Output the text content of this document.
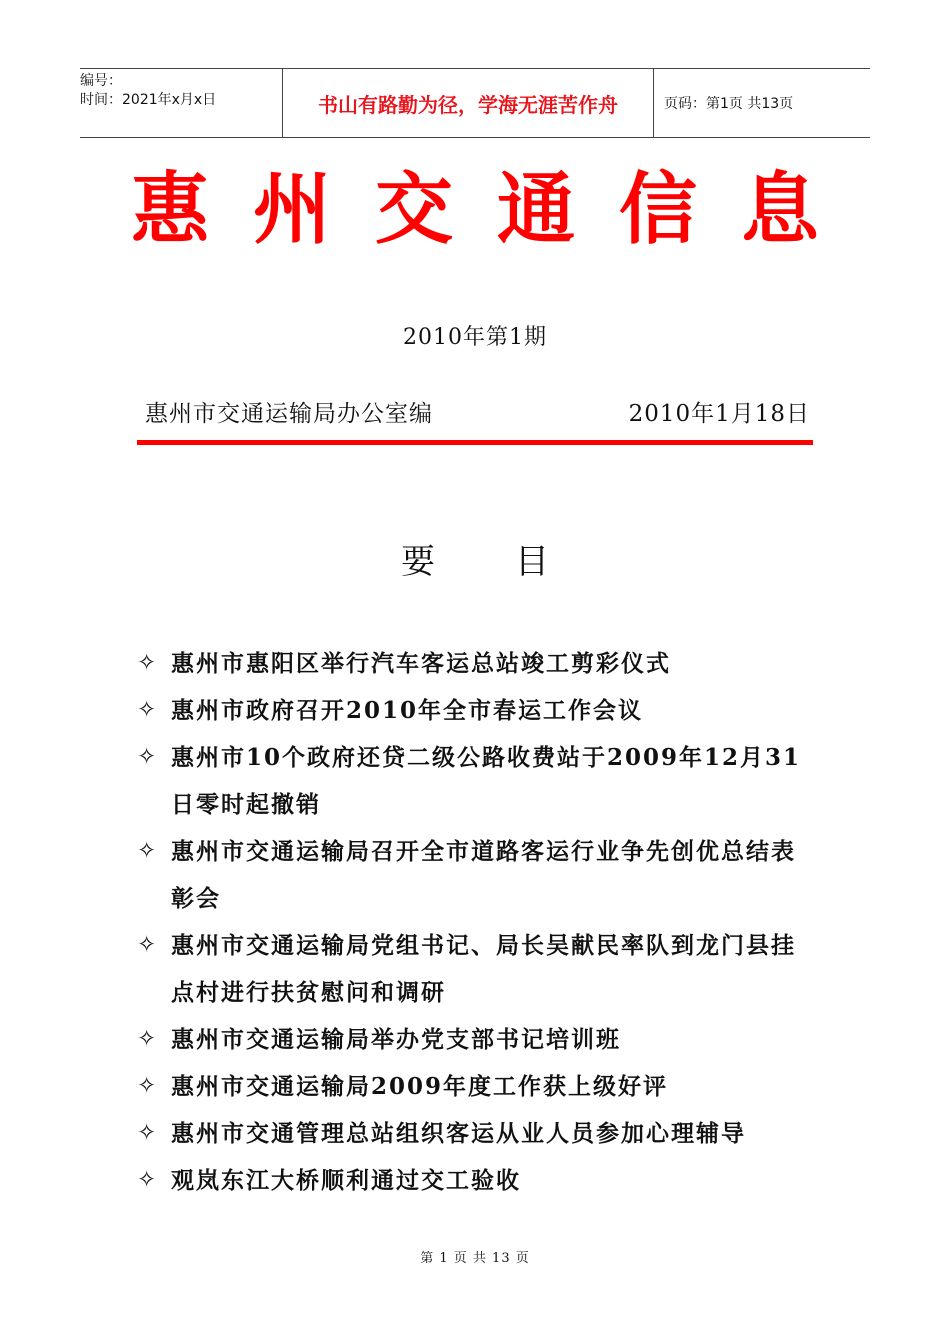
编号：
时间：2021年x月x日	书山有路勤为径，学海无涯苦作舟	页码：第1页 共13页
惠州交通信息
2010年第1期
惠州市交通运输局办公室编	2010年1月18日
要目
✧ 惠州市惠阳区举行汽车客运总站竣工剪彩仪式
✧ 惠州市政府召开2010年全市春运工作会议
✧ 惠州市10个政府还贷二级公路收费站于2009年12月31日零时起撤销
✧ 惠州市交通运输局召开全市道路客运行业争先创优总结表彰会
✧ 惠州市交通运输局党组书记、局长吴献民率队到龙门县挂点村进行扶贫慰问和调研
✧ 惠州市交通运输局举办党支部书记培训班
✧ 惠州市交通运输局2009年度工作获上级好评
✧ 惠州市交通管理总站组织客运从业人员参加心理辅导
✧ 观岚东江大桥顺利通过交工验收
第 1 页 共 13 页
